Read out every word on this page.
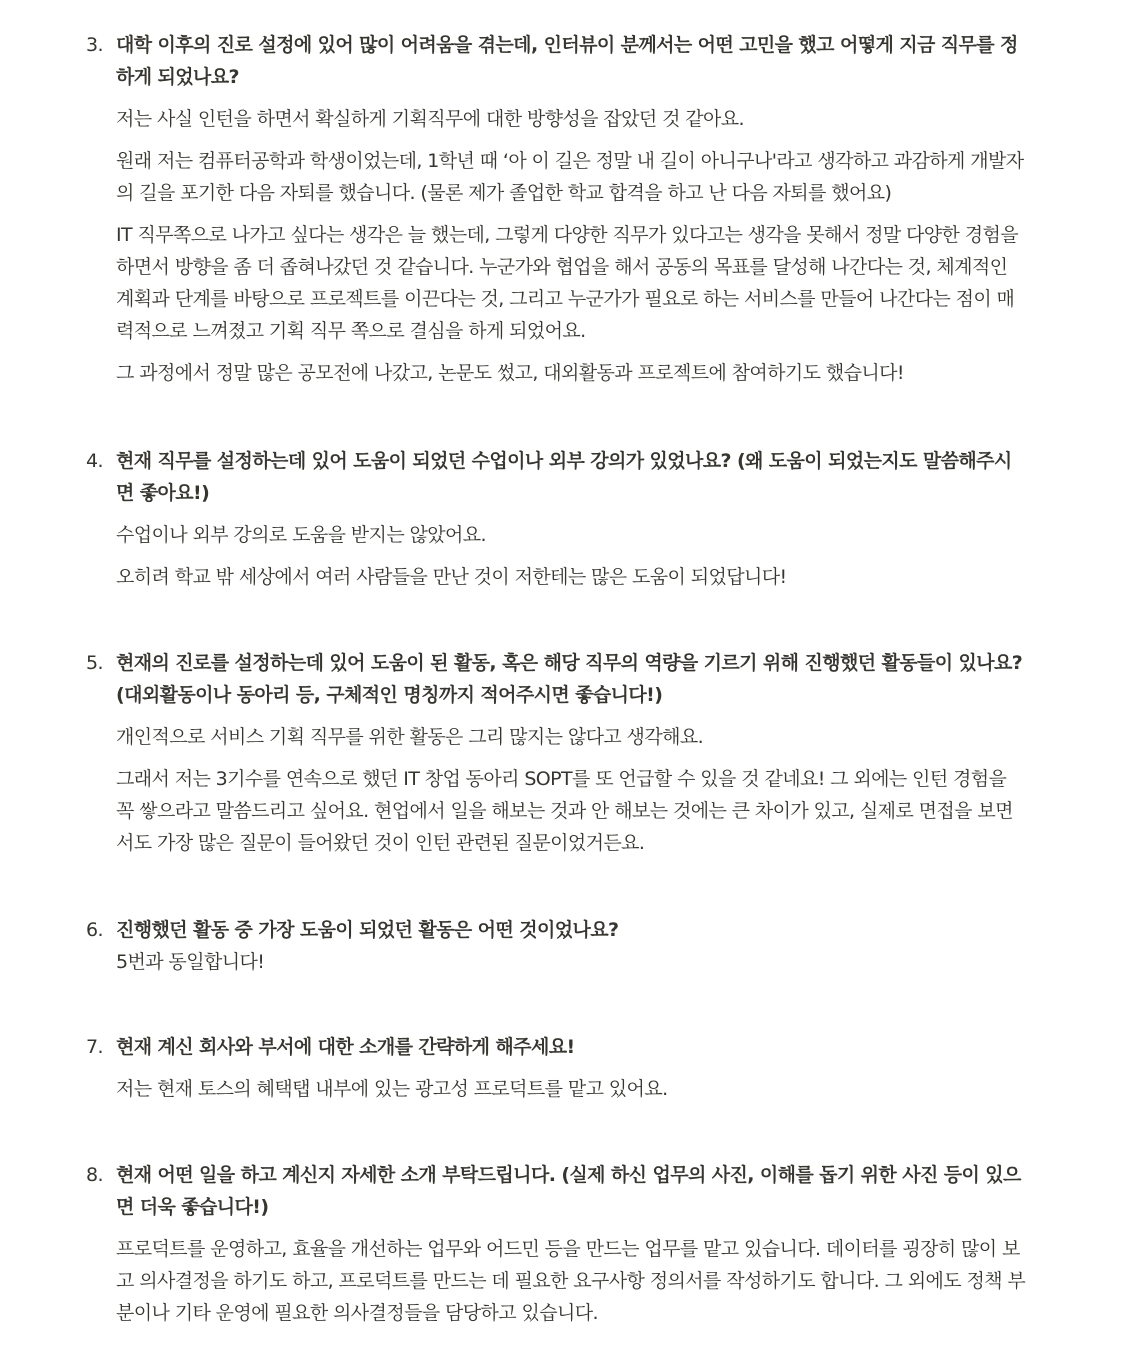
3. 대학 이후의 진로 설정에 있어 많이 어려움을 겪는데, 인터뷰이 분께서는 어떤 고민을 했고 어떻게 지금 직무를 정하게 되었나요?
저는 사실 인턴을 하면서 확실하게 기획직무에 대한 방향성을 잡았던 것 같아요.
원래 저는 컴퓨터공학과 학생이었는데, 1학년 때 ‘아 이 길은 정말 내 길이 아니구나'라고 생각하고 과감하게 개발자의 길을 포기한 다음 자퇴를 했습니다. (물론 제가 졸업한 학교 합격을 하고 난 다음 자퇴를 했어요)
IT 직무쪽으로 나가고 싶다는 생각은 늘 했는데, 그렇게 다양한 직무가 있다고는 생각을 못해서 정말 다양한 경험을 하면서 방향을 좀 더 좁혀나갔던 것 같습니다. 누군가와 협업을 해서 공동의 목표를 달성해 나간다는 것, 체계적인 계획과 단계를 바탕으로 프로젝트를 이끈다는 것, 그리고 누군가가 필요로 하는 서비스를 만들어 나간다는 점이 매력적으로 느껴졌고 기획 직무 쪽으로 결심을 하게 되었어요.
그 과정에서 정말 많은 공모전에 나갔고, 논문도 썼고, 대외활동과 프로젝트에 참여하기도 했습니다!
4. 현재 직무를 설정하는데 있어 도움이 되었던 수업이나 외부 강의가 있었나요? (왜 도움이 되었는지도 말씀해주시면 좋아요!)
수업이나 외부 강의로 도움을 받지는 않았어요.
오히려 학교 밖 세상에서 여러 사람들을 만난 것이 저한테는 많은 도움이 되었답니다!
5. 현재의 진로를 설정하는데 있어 도움이 된 활동, 혹은 해당 직무의 역량을 기르기 위해 진행했던 활동들이 있나요? (대외활동이나 동아리 등, 구체적인 명칭까지 적어주시면 좋습니다!)
개인적으로 서비스 기획 직무를 위한 활동은 그리 많지는 않다고 생각해요.
그래서 저는 3기수를 연속으로 했던 IT 창업 동아리 SOPT를 또 언급할 수 있을 것 같네요! 그 외에는 인턴 경험을 꼭 쌓으라고 말씀드리고 싶어요. 현업에서 일을 해보는 것과 안 해보는 것에는 큰 차이가 있고, 실제로 면접을 보면서도 가장 많은 질문이 들어왔던 것이 인턴 관련된 질문이었거든요.
6. 진행했던 활동 중 가장 도움이 되었던 활동은 어떤 것이었나요?
5번과 동일합니다!
7. 현재 계신 회사와 부서에 대한 소개를 간략하게 해주세요!
저는 현재 토스의 혜택탭 내부에 있는 광고성 프로덕트를 맡고 있어요.
8. 현재 어떤 일을 하고 계신지 자세한 소개 부탁드립니다. (실제 하신 업무의 사진, 이해를 돕기 위한 사진 등이 있으면 더욱 좋습니다!)
프로덕트를 운영하고, 효율을 개선하는 업무와 어드민 등을 만드는 업무를 맡고 있습니다. 데이터를 굉장히 많이 보고 의사결정을 하기도 하고, 프로덕트를 만드는 데 필요한 요구사항 정의서를 작성하기도 합니다. 그 외에도 정책 부분이나 기타 운영에 필요한 의사결정들을 담당하고 있습니다.
